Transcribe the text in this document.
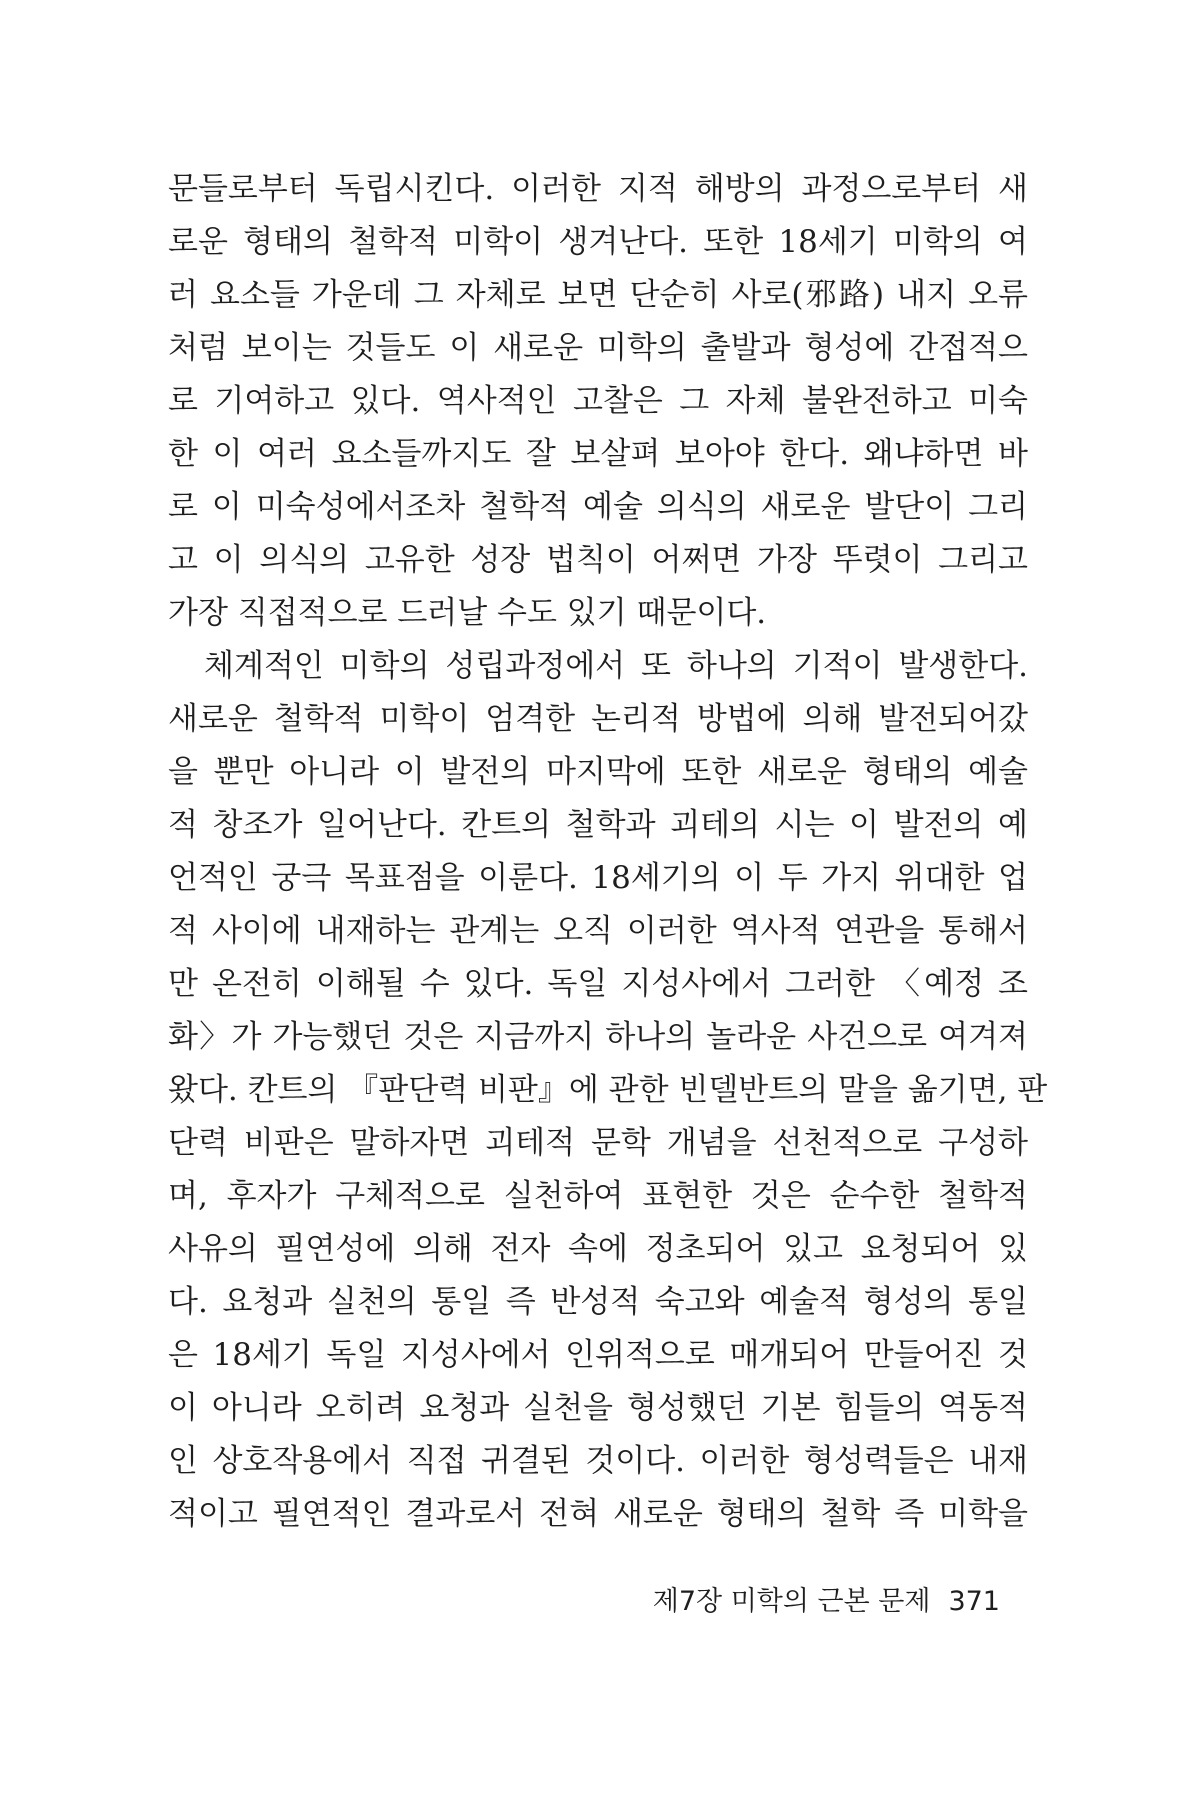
문들로부터 독립시킨다. 이러한 지적 해방의 과정으로부터 새
로운 형태의 철학적 미학이 생겨난다. 또한 18세기 미학의 여
러 요소들 가운데 그 자체로 보면 단순히 사로(邪路) 내지 오류
처럼 보이는 것들도 이 새로운 미학의 출발과 형성에 간접적으
로 기여하고 있다. 역사적인 고찰은 그 자체 불완전하고 미숙
한 이 여러 요소들까지도 잘 보살펴 보아야 한다. 왜냐하면 바
로 이 미숙성에서조차 철학적 예술 의식의 새로운 발단이 그리
고 이 의식의 고유한 성장 법칙이 어쩌면 가장 뚜렷이 그리고
가장 직접적으로 드러날 수도 있기 때문이다.
체계적인 미학의 성립과정에서 또 하나의 기적이 발생한다.
새로운 철학적 미학이 엄격한 논리적 방법에 의해 발전되어갔
을 뿐만 아니라 이 발전의 마지막에 또한 새로운 형태의 예술
적 창조가 일어난다. 칸트의 철학과 괴테의 시는 이 발전의 예
언적인 궁극 목표점을 이룬다. 18세기의 이 두 가지 위대한 업
적 사이에 내재하는 관계는 오직 이러한 역사적 연관을 통해서
만 온전히 이해될 수 있다. 독일 지성사에서 그러한 〈예정 조
화〉가 가능했던 것은 지금까지 하나의 놀라운 사건으로 여겨져
왔다. 칸트의 『판단력 비판』에 관한 빈델반트의 말을 옮기면, 판
단력 비판은 말하자면 괴테적 문학 개념을 선천적으로 구성하
며, 후자가 구체적으로 실천하여 표현한 것은 순수한 철학적
사유의 필연성에 의해 전자 속에 정초되어 있고 요청되어 있
다. 요청과 실천의 통일 즉 반성적 숙고와 예술적 형성의 통일
은 18세기 독일 지성사에서 인위적으로 매개되어 만들어진 것
이 아니라 오히려 요청과 실천을 형성했던 기본 힘들의 역동적
인 상호작용에서 직접 귀결된 것이다. 이러한 형성력들은 내재
적이고 필연적인 결과로서 전혀 새로운 형태의 철학 즉 미학을
제7장 미학의 근본 문제 371
